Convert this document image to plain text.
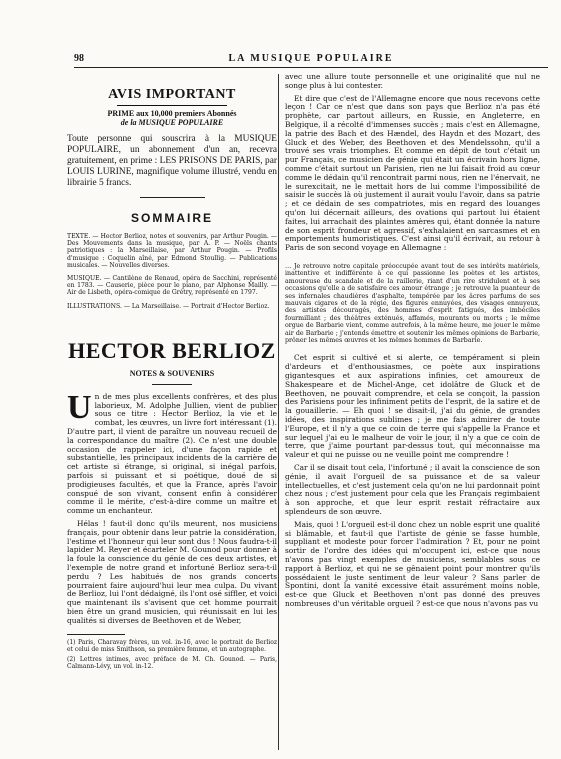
98	LA MUSIQUE POPULAIRE
AVIS IMPORTANT
PRIME aux 10,000 premiers Abonnés
de la MUSIQUE POPULAIRE
Toute personne qui souscrira à la MUSIQUE POPULAIRE, un abonnement d'un an, recevra gratuitement, en prime : LES PRISONS DE PARIS, par LOUIS LURINE, magnifique volume illustré, vendu en librairie 5 francs.
SOMMAIRE
TEXTE. — Hector Berlioz, notes et souvenirs, par Arthur Pougin. — Des Mouvements dans la musique, par A. P. — Noëls chants patriotiques : la Marseillaise, par Arthur Pougin. — Profils d'musique : Coquelin aîné, par Edmond Stoullig. — Publications musicales. — Nouvelles diverses.
MUSIQUE. — Cantilène de Renaud, opéra de Sacchini, représenté en 1783. — Causerie, pièce pour le piano, par Alphonse Mailly. — Air de Lisbeth, opéra-comique de Grétry, représenté en 1797.
ILLUSTRATIONS. — La Marseillaise. — Portrait d'Hector Berlioz.
HECTOR BERLIOZ
NOTES & SOUVENIRS

U n de mes plus excellents confrères, et des plus laborieux, M. Adolphe Jullien, vient de publier sous ce titre : Hector Berlioz, la vie et le combat, les œuvres, un livre fort intéressant (1). D'autre part, il vient de paraître un nouveau recueil de la correspondance du maître (2). Ce n'est une double occasion de rappeler ici, d'une façon rapide et substantielle, les principaux incidents de la carrière de cet artiste si étrange, si original, si inégal parfois, parfois si puissant et si poétique, doué de si prodigieuses facultés, et que la France, après l'avoir conspué de son vivant, consent enfin à considérer comme il le mérite, c'est-à-dire comme un maître et comme un enchanteur.

Hélas ! faut-il donc qu'ils meurent, nos musiciens français, pour obtenir dans leur patrie la considération, l'estime et l'honneur qui leur sont dus ! Nous faudra-t-il lapider M. Reyer et écarteler M. Gounod pour donner à la foule la conscience du génie de ces deux artistes, et l'exemple de notre grand et infortuné Berlioz sera-t-il perdu ? Les habitués de nos grands concerts pourraient faire aujourd'hui leur mea culpa. Du vivant de Berlioz, lui l'ont dédaigné, ils l'ont osé siffler, et voici que maintenant ils s'avisent que cet homme pourrait bien être un grand musicien, qui réunissait en lui les qualités si diverses de Beethoven et de Weber,

(1) Paris, Charavay frères, un vol. in-16, avec le portrait de Berlioz et celui de miss Smithson, sa première femme, et un autographe.

(2) Lettres intimes, avec préface de M. Ch. Gounod. — Paris, Calmann-Lévy, un vol. in-12.

avec une allure toute personnelle et une originalité que nul ne songe plus à lui contester.

Et dire que c'est de l'Allemagne encore que nous recevons cette leçon ! Car ce n'est que dans son pays que Berlioz n'a pas été prophète, car partout ailleurs, en Russie, en Angleterre, en Belgique, il a récolté d'immenses succès ; mais c'est en Allemagne, la patrie des Bach et des Hændel, des Haydn et des Mozart, des Gluck et des Weber, des Beethoven et des Mendelssohn, qu'il a trouvé ses vrais triomphes. Et comme en dépit de tout c'était un pur Français, ce musicien de génie qui était un écrivain hors ligne, comme c'était surtout un Parisien, rien ne lui faisait froid au cœur comme le dédain qu'il rencontrait parmi nous, rien ne l'énervait, ne le surexcitait, ne le mettait hors de lui comme l'impossibilité de saisir le succès là où justement il aurait voulu l'avoir, dans sa patrie ; et ce dédain de ses compatriotes, mis en regard des louanges qu'on lui décernait ailleurs, des ovations qui partout lui étaient faites, lui arrachait des plaintes amères qui, étant donnée la nature de son esprit frondeur et agressif, s'exhalaient en sarcasmes et en emportements humoristiques. C'est ainsi qu'il écrivait, au retour à Paris de son second voyage en Allemagne :

… Je retrouve notre capitale préoccupée avant tout de ses intérêts matériels, inattentive et indifférente à ce qui passionne les poètes et les artistes, amoureuse du scandale et de la raillerie, riant d'un rire stridulent et à ses occasions qu'elle a de satisfaire ces amour étrange ; je retrouve la puanteur de ses infernales chaudières d'asphalte, tempérée par les âcres parfums de ses mauvais cigares et de la régie, des figures ennuyées, des visages ennuyeux, des artistes découragés, des hommes d'esprit fatigués, des imbéciles fourmillant ; des théâtres exténués, affamés, mourants ou morts ; le même orgue de Barbarie vient, comme autrefois, à la même heure, me jouer le même air de Barbarie ; j'entends émettre et soutenir les mêmes opinions de Barbarie, prôner les mêmes œuvres et les mêmes hommes de Barbarie.

Cet esprit si cultivé et si alerte, ce tempérament si plein d'ardeurs et d'enthousiasmes, ce poète aux inspirations gigantesques et aux aspirations infinies, cet amoureux de Shakespeare et de Michel-Ange, cet idolâtre de Gluck et de Beethoven, ne pouvait comprendre, et cela se conçoit, la passion des Parisiens pour les infiniment petits de l'esprit, de la satire et de la gouaillerie. — Eh quoi ! se disait-il, j'ai du génie, de grandes idées, des inspirations sublimes ; je me fais admirer de toute l'Europe, et il n'y a que ce coin de terre qui s'appelle la France et sur lequel j'ai eu le malheur de voir le jour, il n'y a que ce coin de terre, que j'aime pourtant par-dessus tout, qui méconnaisse ma valeur et qui ne puisse ou ne veuille point me comprendre !

Car il se disait tout cela, l'infortuné ; il avait la conscience de son génie, il avait l'orgueil de sa puissance et de sa valeur intellectuelles, et c'est justement cela qu'on ne lui pardonnait point chez nous ; c'est justement pour cela que les Français regimbaient à son approche, et que leur esprit restait réfractaire aux splendeurs de son œuvre.

Mais, quoi ! L'orgueil est-il donc chez un noble esprit une qualité si blâmable, et faut-il que l'artiste de génie se fasse humble, suppliant et modeste pour forcer l'admiration ? Et, pour ne point sortir de l'ordre des idées qui m'occupent ici, est-ce que nous n'avons pas vingt exemples de musiciens, semblables sous ce rapport à Berlioz, et qui ne se gênaient point pour montrer qu'ils possédaient le juste sentiment de leur valeur ? Sans parler de Spontini, dont la vanité excessive était assurément moins noble, est-ce que Gluck et Beethoven n'ont pas donné des preuves nombreuses d'un véritable orgueil ? est-ce que nous n'avons pas vu
